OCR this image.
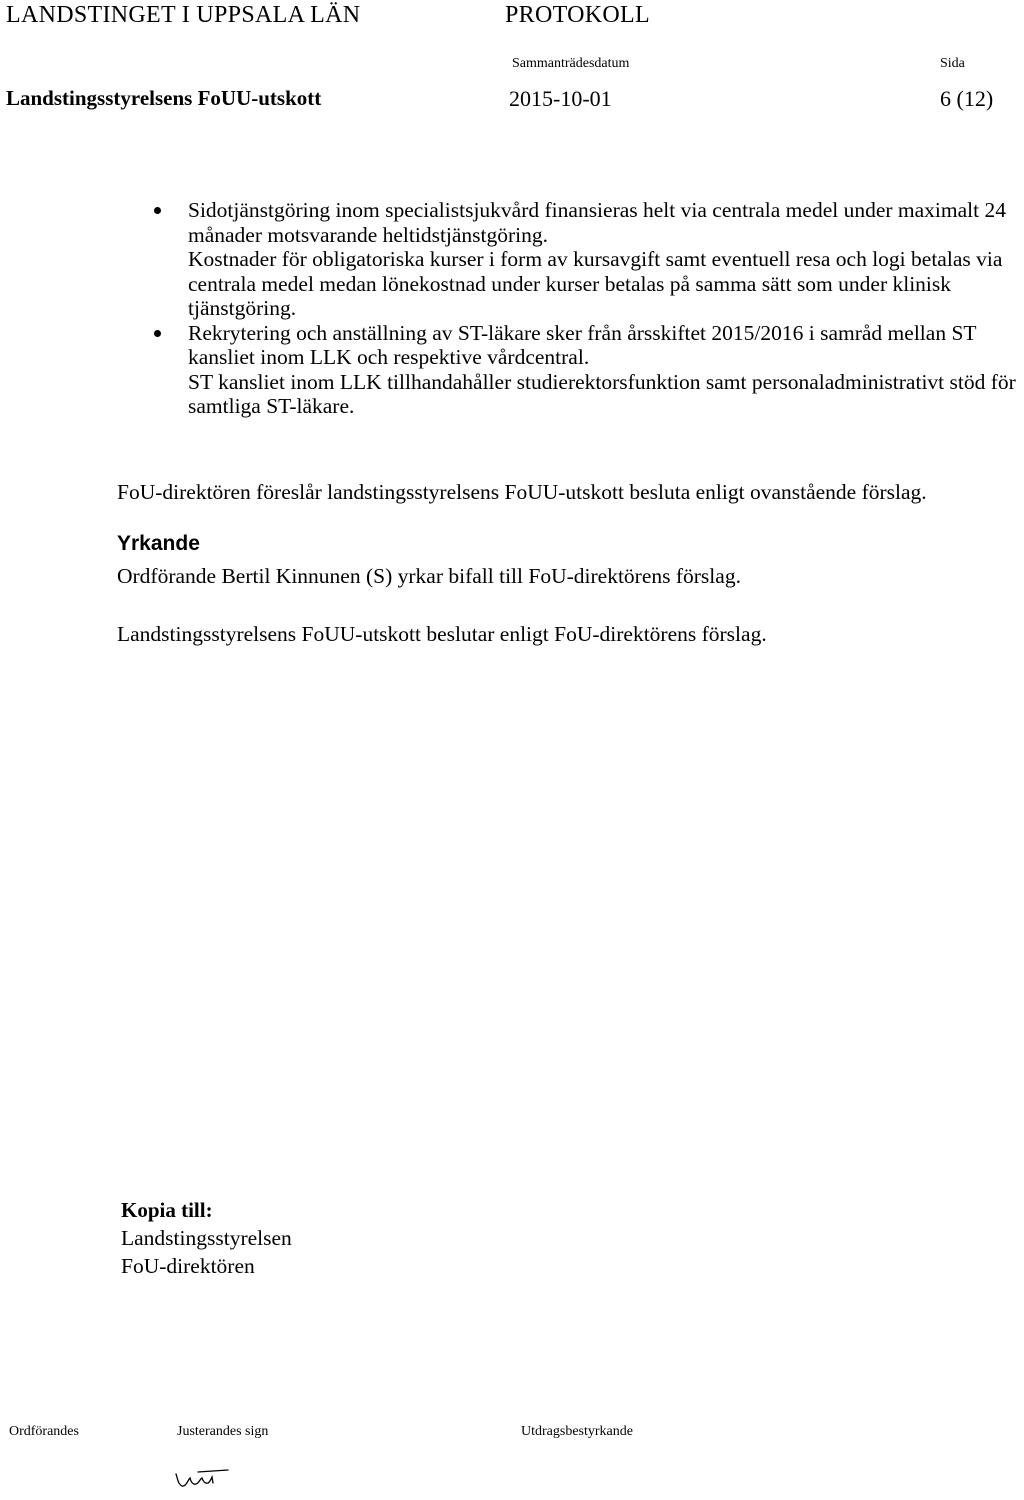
LANDSTINGET I UPPSALA LÄN	PROTOKOLL
Sammanträdesdatum	Sida
Landstingsstyrelsens FoUU-utskott	2015-10-01	6 (12)
Sidotjänstgöring inom specialistsjukvård finansieras helt via centrala medel under maximalt 24 månader motsvarande heltidstjänstgöring.
Kostnader för obligatoriska kurser i form av kursavgift samt eventuell resa och logi betalas via centrala medel medan lönekostnad under kurser betalas på samma sätt som under klinisk tjänstgöring.
Rekrytering och anställning av ST-läkare sker från årsskiftet 2015/2016 i samråd mellan ST kansliet inom LLK och respektive vårdcentral.
ST kansliet inom LLK tillhandahåller studierektorsfunktion samt personaladministrativt stöd för samtliga ST-läkare.
FoU-direktören föreslår landstingsstyrelsens FoUU-utskott besluta enligt ovanstående förslag.
Yrkande
Ordförande Bertil Kinnunen (S) yrkar bifall till FoU-direktörens förslag.
Landstingsstyrelsens FoUU-utskott beslutar enligt FoU-direktörens förslag.
Kopia till:
Landstingsstyrelsen
FoU-direktören
Ordförandes	Justerandes sign	Utdragsbestyrkande
